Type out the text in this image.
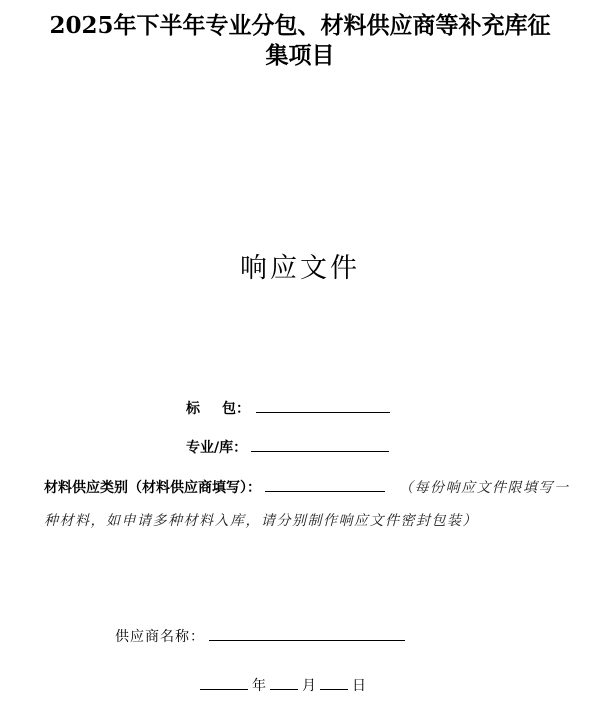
2025年下半年专业分包、材料供应商等补充库征
集项目
响应文件
标 包：
专业/库：
材料供应类别（材料供应商填写）：	（每份响应文件限填写一
种材料，如申请多种材料入库，请分别制作响应文件密封包装）
供应商名称：
年	月	日
